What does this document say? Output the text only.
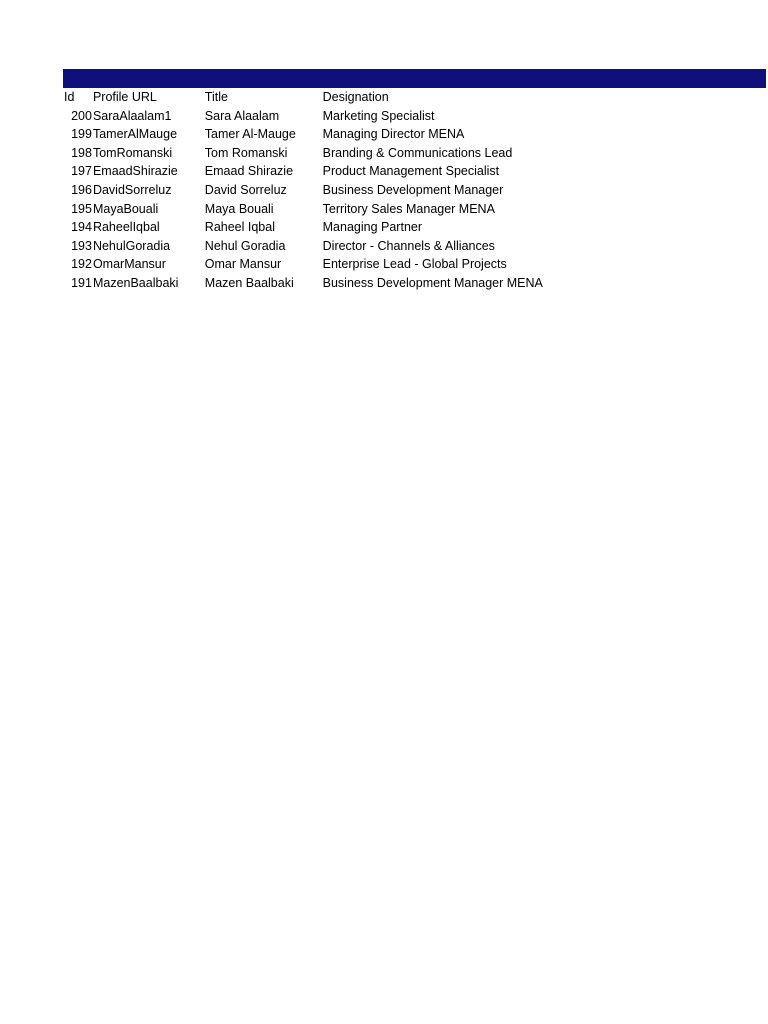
Id	Profile URL	Title	Designation
200	SaraAlaalam1	Sara Alaalam	Marketing Specialist
199	TamerAlMauge	Tamer Al-Mauge	Managing Director MENA
198	TomRomanski	Tom Romanski	Branding & Communications Lead
197	EmaadShirazie	Emaad Shirazie	Product Management Specialist
196	DavidSorreluz	David Sorreluz	Business Development Manager
195	MayaBouali	Maya Bouali	Territory Sales Manager MENA
194	RaheelIqbal	Raheel Iqbal	Managing Partner
193	NehulGoradia	Nehul Goradia	Director - Channels & Alliances
192	OmarMansur	Omar Mansur	Enterprise Lead - Global Projects
191	MazenBaalbaki	Mazen Baalbaki	Business Development Manager MENA
